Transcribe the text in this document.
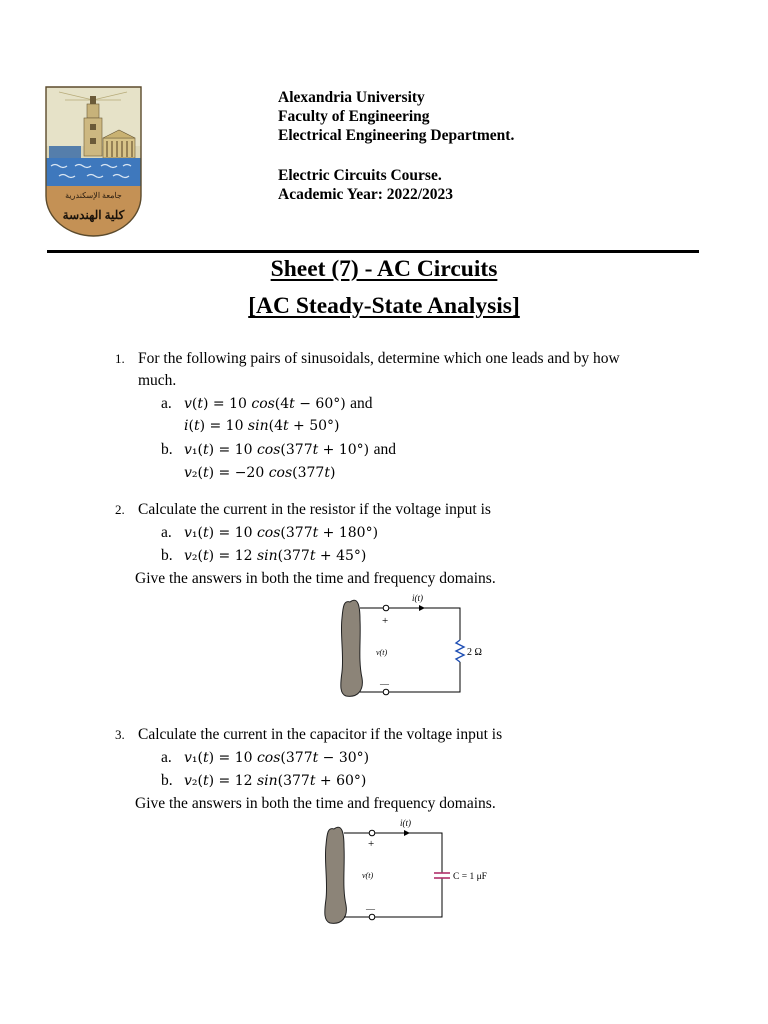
جامعة الإسكندرية
كلية الهندسة
Alexandria University
Faculty of Engineering
Electrical Engineering Department.
Electric Circuits Course.
Academic Year: 2022/2023
Sheet (7) - AC Circuits
[AC Steady-State Analysis]
1. For the following pairs of sinusoidals, determine which one leads and by how
much.
a. 𝑣(𝑡) = 10 𝑐𝑜𝑠(4𝑡 − 60°) and
𝑖(𝑡) = 10 𝑠𝑖𝑛(4𝑡 + 50°)
b. 𝑣₁(𝑡) = 10 𝑐𝑜𝑠(377𝑡 + 10°) and
𝑣₂(𝑡) = −20 𝑐𝑜𝑠(377𝑡)
2. Calculate the current in the resistor if the voltage input is
a. 𝑣₁(𝑡) = 10 𝑐𝑜𝑠(377𝑡 + 180°)
b. 𝑣₂(𝑡) = 12 𝑠𝑖𝑛(377𝑡 + 45°)
Give the answers in both the time and frequency domains.
i(t)
+
v(t)
—
2 Ω
3. Calculate the current in the capacitor if the voltage input is
a. 𝑣₁(𝑡) = 10 𝑐𝑜𝑠(377𝑡 − 30°)
b. 𝑣₂(𝑡) = 12 𝑠𝑖𝑛(377𝑡 + 60°)
Give the answers in both the time and frequency domains.
i(t)
+
v(t)
—
C = 1 μF
